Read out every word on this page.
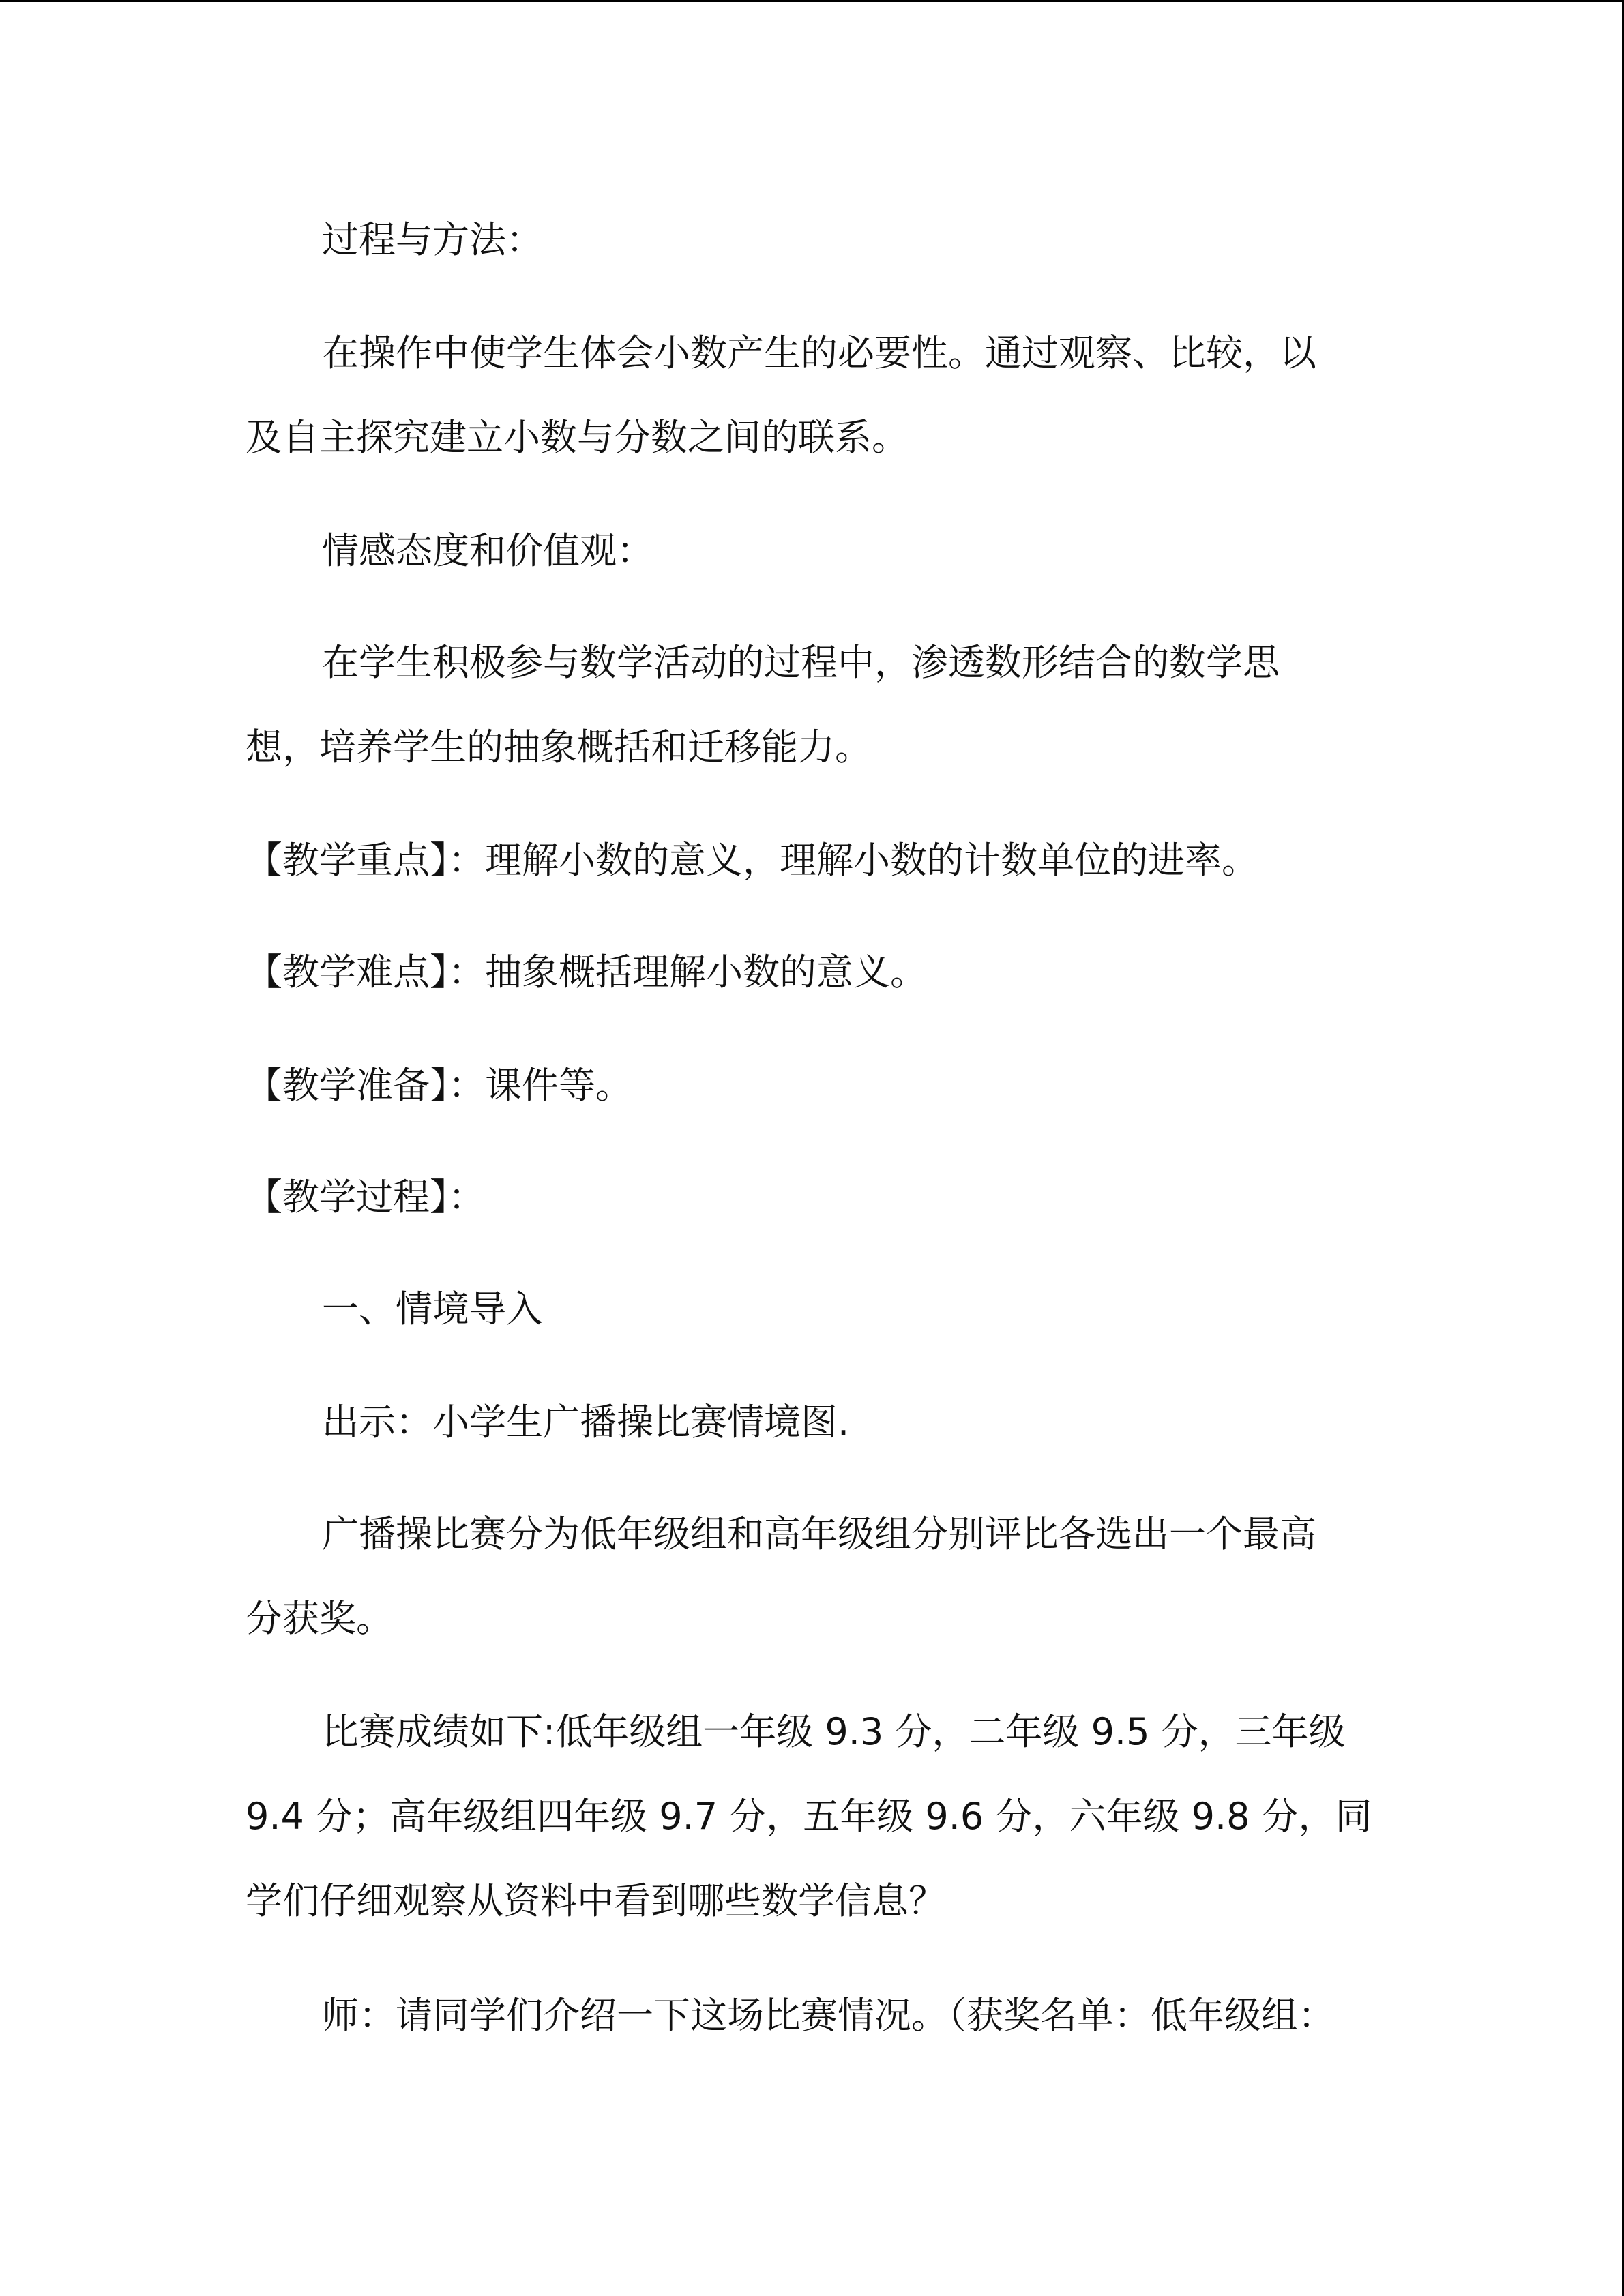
过程与方法：
在操作中使学生体会小数产生的必要性。通过观察、比较，以
及自主探究建立小数与分数之间的联系。
情感态度和价值观：
在学生积极参与数学活动的过程中，渗透数形结合的数学思
想，培养学生的抽象概括和迁移能力。
【教学重点】：理解小数的意义，理解小数的计数单位的进率。
【教学难点】：抽象概括理解小数的意义。
【教学准备】：课件等。
【教学过程】：
一、情境导入
出示：小学生广播操比赛情境图.
广播操比赛分为低年级组和高年级组分别评比各选出一个最高
分获奖。
比赛成绩如下:低年级组一年级 9.3 分，二年级 9.5 分，三年级
9.4 分；高年级组四年级 9.7 分，五年级 9.6 分，六年级 9.8 分，同
学们仔细观察从资料中看到哪些数学信息？
师：请同学们介绍一下这场比赛情况。（获奖名单：低年级组：
